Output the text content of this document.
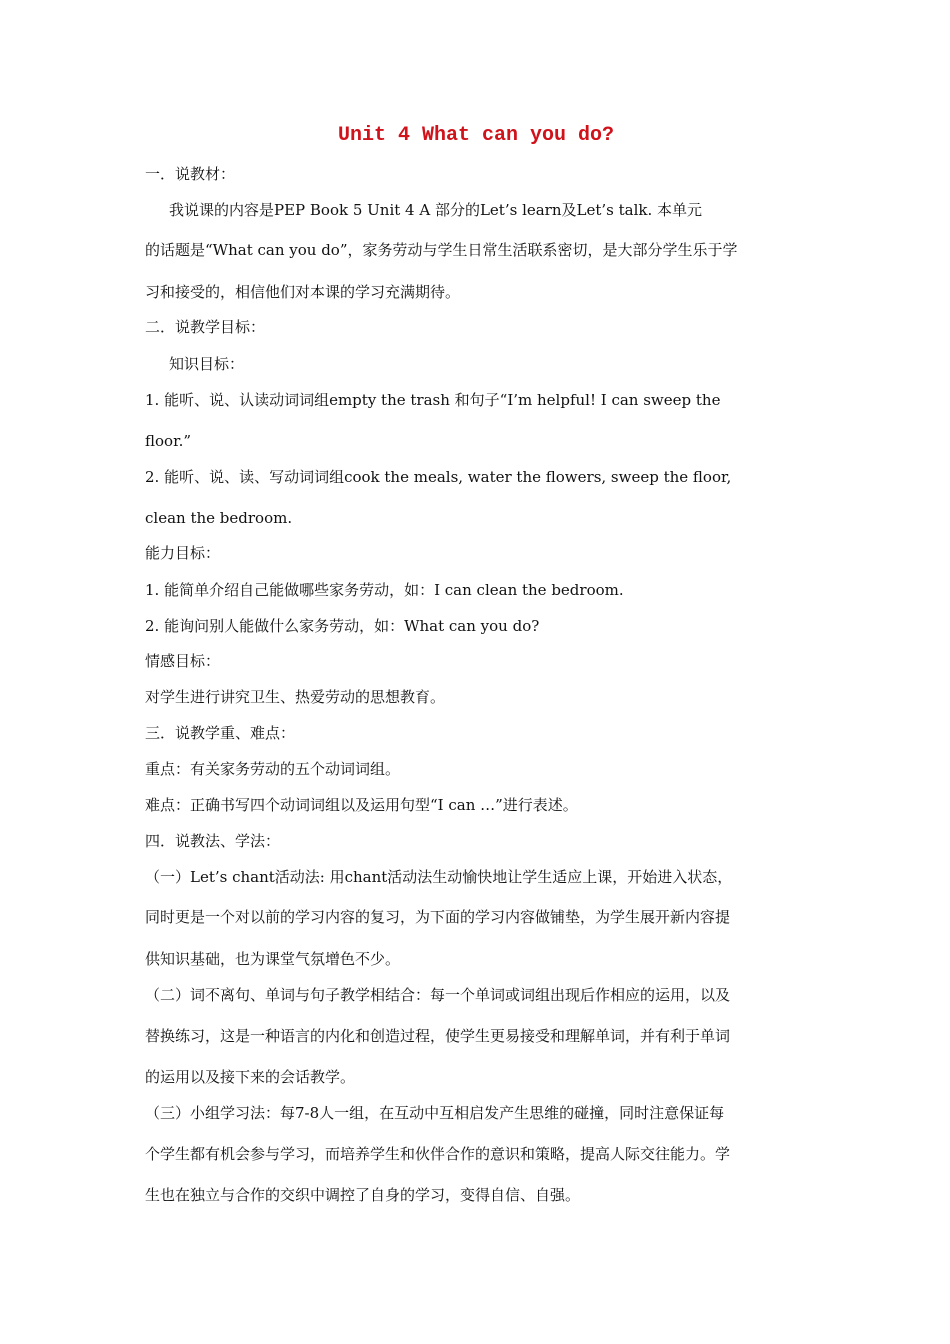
Unit 4 What can you do?
一．说教材：
我说课的内容是PEP Book 5 Unit 4 A 部分的Let’s learn及Let’s talk. 本单元
的话题是“What can you do”，家务劳动与学生日常生活联系密切，是大部分学生乐于学
习和接受的，相信他们对本课的学习充满期待。
二．说教学目标：
知识目标：
1. 能听、说、认读动词词组empty the trash 和句子“I’m helpful! I can sweep the
floor.”
2. 能听、说、读、写动词词组cook the meals, water the flowers, sweep the floor,
clean the bedroom.
能力目标：
1. 能简单介绍自己能做哪些家务劳动，如：I can clean the bedroom.
2. 能询问别人能做什么家务劳动，如：What can you do?
情感目标：
对学生进行讲究卫生、热爱劳动的思想教育。
三．说教学重、难点：
重点：有关家务劳动的五个动词词组。
难点：正确书写四个动词词组以及运用句型“I can …”进行表述。
四．说教法、学法：
（一）Let’s chant活动法: 用chant活动法生动愉快地让学生适应上课，开始进入状态，
同时更是一个对以前的学习内容的复习，为下面的学习内容做铺垫，为学生展开新内容提
供知识基础，也为课堂气氛增色不少。
（二）词不离句、单词与句子教学相结合：每一个单词或词组出现后作相应的运用，以及
替换练习，这是一种语言的内化和创造过程，使学生更易接受和理解单词，并有利于单词
的运用以及接下来的会话教学。
（三）小组学习法：每7-8人一组，在互动中互相启发产生思维的碰撞，同时注意保证每
个学生都有机会参与学习，而培养学生和伙伴合作的意识和策略，提高人际交往能力。学
生也在独立与合作的交织中调控了自身的学习，变得自信、自强。
